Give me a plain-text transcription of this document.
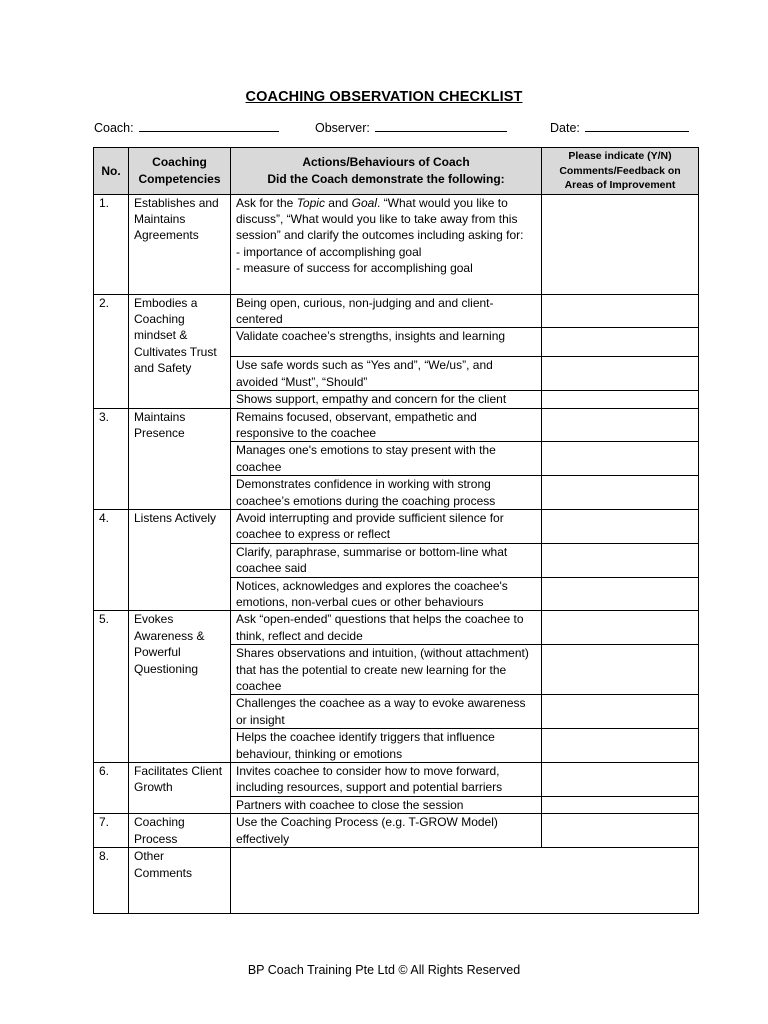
COACHING OBSERVATION CHECKLIST
Coach:	Observer:	Date:
No.	Coaching Competencies	Actions/Behaviours of Coach
Did the Coach demonstrate the following:	Please indicate (Y/N) Comments/Feedback on Areas of Improvement
1.	Establishes and Maintains Agreements	Ask for the Topic and Goal. “What would you like to discuss”, “What would you like to take away from this session” and clarify the outcomes including asking for:
- importance of accomplishing goal
- measure of success for accomplishing goal	

2.	Embodies a Coaching mindset & Cultivates Trust and Safety	Being open, curious, non-judging and and client-centered	
		Validate coachee’s strengths, insights and learning	
		Use safe words such as “Yes and”, “We/us”, and avoided “Must”, “Should”	
		Shows support, empathy and concern for the client	
3.	Maintains Presence	Remains focused, observant, empathetic and responsive to the coachee	
		Manages one's emotions to stay present with the coachee	
		Demonstrates confidence in working with strong coachee’s emotions during the coaching process	
4.	Listens Actively	Avoid interrupting and provide sufficient silence for coachee to express or reflect	
		Clarify, paraphrase, summarise or bottom-line what coachee said	
		Notices, acknowledges and explores the coachee's emotions, non-verbal cues or other behaviours	
5.	Evokes Awareness & Powerful Questioning	Ask “open-ended” questions that helps the coachee to think, reflect and decide	
		Shares observations and intuition, (without attachment) that has the potential to create new learning for the coachee	
		Challenges the coachee as a way to evoke awareness or insight	
		Helps the coachee identify triggers that influence behaviour, thinking or emotions	
6.	Facilitates Client Growth	Invites coachee to consider how to move forward, including resources, support and potential barriers	
		Partners with coachee to close the session	
7.	Coaching Process	Use the Coaching Process (e.g. T-GROW Model) effectively	
8.	Other Comments		
BP Coach Training Pte Ltd © All Rights Reserved
